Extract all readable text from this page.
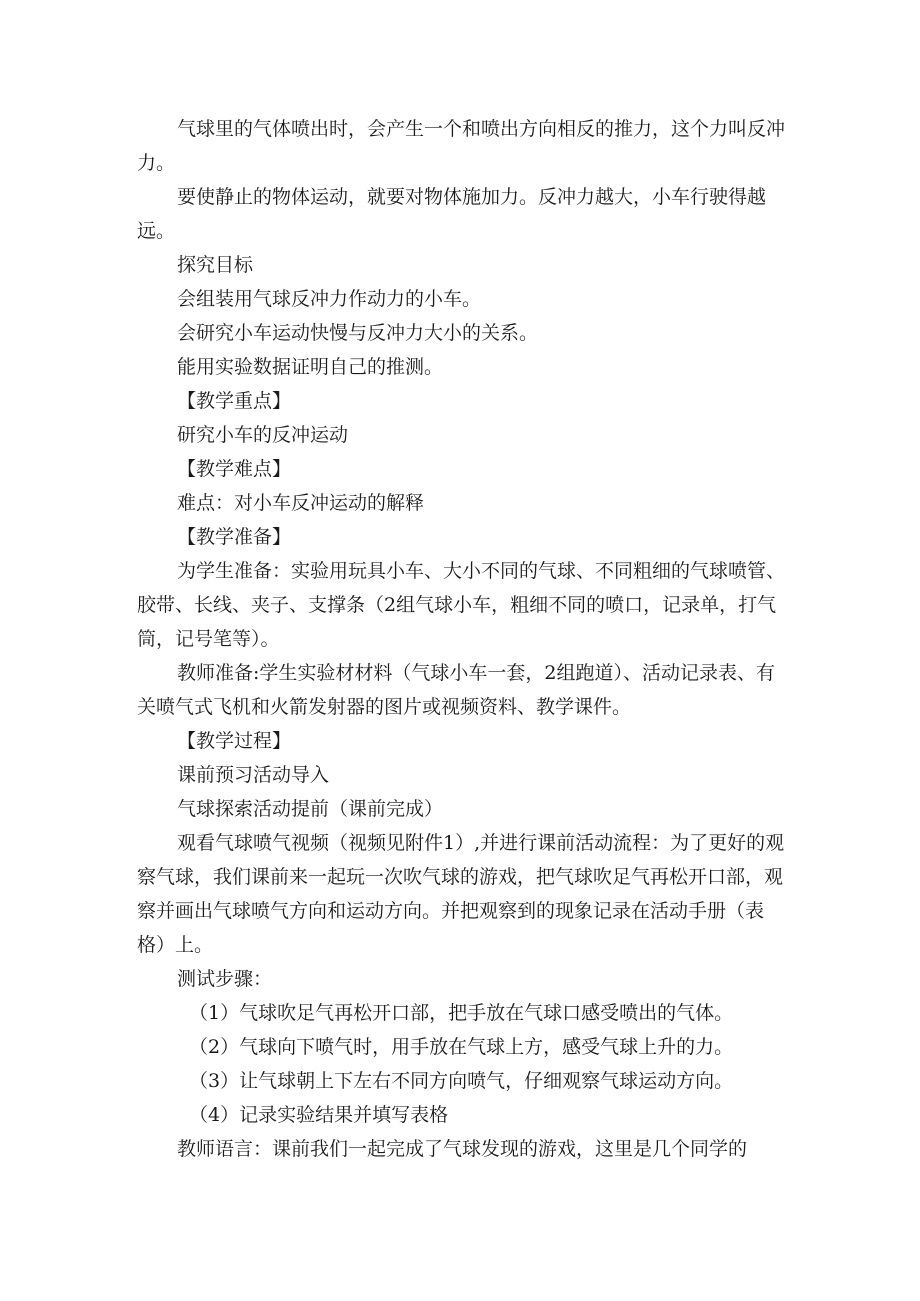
气球里的气体喷出时，会产生一个和喷出方向相反的推力，这个力叫反冲力。

要使静止的物体运动，就要对物体施加力。反冲力越大，小车行驶得越远。

探究目标

会组装用气球反冲力作动力的小车。

会研究小车运动快慢与反冲力大小的关系。

能用实验数据证明自己的推测。

【教学重点】

研究小车的反冲运动

【教学难点】

难点：对小车反冲运动的解释

【教学准备】

为学生准备：实验用玩具小车、大小不同的气球、不同粗细的气球喷管、胶带、长线、夹子、支撑条（2组气球小车，粗细不同的喷口，记录单，打气筒，记号笔等）。

教师准备:学生实验材材料（气球小车一套，2组跑道）、活动记录表、有关喷气式飞机和火箭发射器的图片或视频资料、教学课件。

【教学过程】

课前预习活动导入

气球探索活动提前（课前完成）

观看气球喷气视频（视频见附件1）,并进行课前活动流程：为了更好的观察气球，我们课前来一起玩一次吹气球的游戏，把气球吹足气再松开口部，观察并画出气球喷气方向和运动方向。并把观察到的现象记录在活动手册（表格）上。

测试步骤：

（1）气球吹足气再松开口部，把手放在气球口感受喷出的气体。

（2）气球向下喷气时，用手放在气球上方，感受气球上升的力。

（3）让气球朝上下左右不同方向喷气，仔细观察气球运动方向。

（4）记录实验结果并填写表格

教师语言：课前我们一起完成了气球发现的游戏，这里是几个同学的
